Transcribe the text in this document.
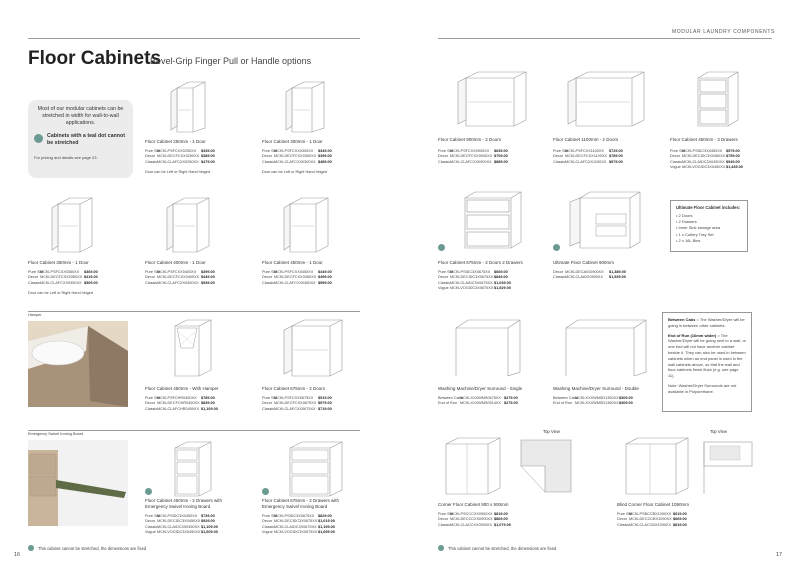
MODULAR LAUNDRY COMPONENTS
Floor Cabinets
Bevel-Grip Finger Pull or Handle options
Most of our modular cabinets can be stretched in width for wall-to-wall applications.
Cabinets with a teal dot cannot be stretched
For pricing and details see page 23.
Floor Cabinet 250mm - 1 Door
Pure Silk
MCKLPSFCXX0250XX	$339.00
Decor MCKLDECFCXX0250XX $389.00
Classic MCKLCLAFCXX0250XX $479.00
Door can be Left or Right Hand hinged
Floor Cabinet 300mm - 1 Door
Pure Silk
MCKLPSFCXX0300XX	$349.00
Decor MCKLDECFCXX0300XX $399.00
Classic MCKLCLAFCXX0300XX $489.00
Door can be Left or Right Hand hinged
Floor Cabinet 900mm - 2 Doors
Pure Silk
MCKLPSFCXX0900XX	$639.00
Decor MCKLDECFCXX0900XX $709.00
Classic MCKLCLAFCXX0900XX $889.00
Floor Cabinet 1100mm - 2 Doors
Pure Silk
MCKLPSFCXX1100XX	$729.00
Decor MCKLDECFCXX1100XX $789.00
Classic MCKLCLAFCXX1100XX $979.00
Floor Cabinet 450mm - 3 Drawers
Pure Silk
MCKLPSIDC3X0450XX $579.00
Decor MCKLDECIDC3X0450XX $759.00
Classic MCKLCLAIDC3X0450XX $949.00
Vogue MCKLVOGIDC3X0450XX $1,439.00
Floor Cabinet 350mm - 1 Door
Pure Silk
MCKLPSFCXX0350XX	$369.00
Decor MCKLDECFCXX0350XX $419.00
Classic MCKLCLAFCXX0350XX $509.00
Door can be Left or Right Hand hinged
Floor Cabinet 400mm - 1 Door
Pure Silk
MCKLPSFCXX0400XX	$399.00
Decor MCKLDECFCXX0400XX $449.00
Classic MCKLCLAFCXX0400XX $539.00
Floor Cabinet 450mm - 1 Door
Pure Silk
MCKLPSFCXX0450XX	$449.00
Decor MCKLDECFCXX0450XX $499.00
Classic MCKLCLAFCXX0450XX $599.00
Floor Cabinet 675mm - 2 Doors 2 Drawers
Pure Silk
MCKLPSIDC3X0675XX $669.00
Decor MCKLDECIDC3X0675XX $849.00
Classic MCKLCLAIDC3X0675XX $1,039.00
Vogue MCKLVOGIDC3X0675XX $1,529.00
Ultimate Floor Cabinet 900mm
Decor MCKLDECAIG0900XX	$1,389.00
Classic MCKLCLAAIG0900XX	$1,539.00
Ultimate Floor Cabinet includes:
• 2 Doors
• 2 Drawers
• Inner Sink storage area
• 1 x Cutlery Tray Set
• 2 x 16L Bins
Hamper
Floor Cabinet 450mm - With Hamper
Pure Silk
MCKLPSFCHR0450XX	$789.00
Decor MCKLDECFCHR0450XX $839.00
Classic MCKLCLAFCHR0450XX $1,109.00
Floor Cabinet 675mm - 2 Doors
Pure Silk
MCKLPSFCXX0675XX	$519.00
Decor MCKLDECFCXX0675XX $579.00
Classic MCKLCLAFCXX0675XX $719.00
Washing Machine/Dryer Surround - Single
Between Cabs
MCKLXXXWMS0675XX $279.00
End of Run MCKLXXXWMS0914XX $279.00
Washing Machine/Dryer Surround - Double
Between Cabs
MCKLXXXWMSD1350XX $309.00
End of Run MCKLXXXWMSD1360XX $309.00

Between Cabs = The Washer/Dryer will be going in between other cabinets.

End of Run (16mm wider) = The Washer/Dryer will be going next to a wall, or one end will not have another cabinet beside it. They can also be used in between cabinets when an end panel is used in the wall cabinets above, so that the wall and floor cabinets finish flush (e.g. see page 11).

Note: Washer/Dryer Surrounds are not available in Polyurethane.

Emergency Swivel Ironing Board
Floor Cabinet 450mm - 2 Drawers with
Emergency Swivel Ironing Board
Pure Silk
MCKLPSIDC3X0450XX $739.00
Decor MCKLDECIDC3X0450XX $929.00
Classic MCKLCLAIDC3X0450XX $1,109.00
Vogue MCKLVOGIDC3X0450XX $1,609.00
Floor Cabinet 675mm - 2 Drawers with
Emergency Swivel Ironing Board
Pure Silk
MCKLPSIDC3X0675XX $829.00
Decor MCKLDECIDC3X0675XX $1,019.00
Classic MCKLCLAIDC3X0675XX $1,199.00
Vogue MCKLVOGIDC3X0675XX $1,699.00
Top View
Corner Floor Cabinet 900 x 900mm
Pure Silk
MCKLPSCCCXX0900XX $819.00
Decor MCKLDECCCXX0900XX $869.00
Classic MCKLCLACCXX0900XX $1,079.00
Top View
Blind Corner Floor Cabinet 1090mm
Pure Silk
MCKLPSBCCBX1090XX $619.00
Decor MCKLDECCCBX1090XX $669.00
Classic MCKLCLACCBX1090XX $819.00
16
This cabinet cannot be stretched, the dimensions are fixed	This cabinet cannot be stretched, the dimensions are fixed
17
